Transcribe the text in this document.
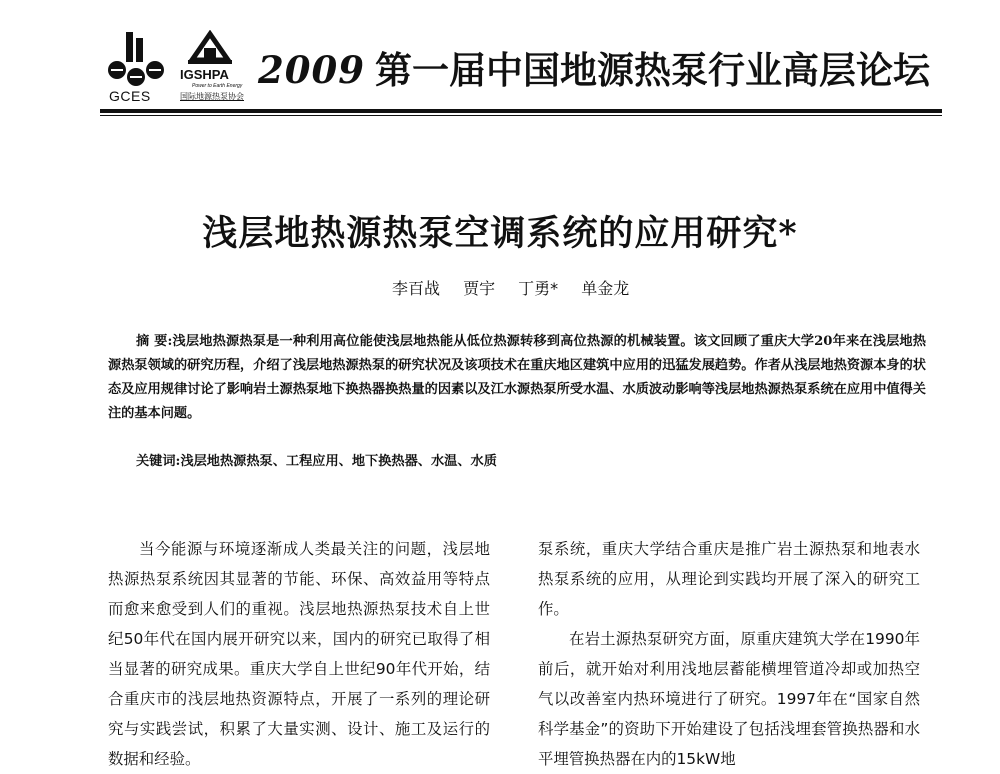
GCES
IGSHPA
Power to Earth Energy
国际地源热泵协会
2009 第一届中国地源热泵行业高层论坛
浅层地热源热泵空调系统的应用研究*
李百战 贾宇 丁勇* 单金龙
摘 要:浅层地热源热泵是一种利用高位能使浅层地热能从低位热源转移到高位热源的机械装置。该文回顾了重庆大学20年来在浅层地热源热泵领域的研究历程，介绍了浅层地热源热泵的研究状况及该项技术在重庆地区建筑中应用的迅猛发展趋势。作者从浅层地热资源本身的状态及应用规律讨论了影响岩土源热泵地下换热器换热量的因素以及江水源热泵所受水温、水质波动影响等浅层地热源热泵系统在应用中值得关注的基本问题。
关键词:浅层地热源热泵、工程应用、地下换热器、水温、水质

当今能源与环境逐渐成人类最关注的问题，浅层地热源热泵系统因其显著的节能、环保、高效益用等特点而愈来愈受到人们的重视。浅层地热源热泵技术自上世纪50年代在国内展开研究以来，国内的研究已取得了相当显著的研究成果。重庆大学自上世纪90年代开始，结合重庆市的浅层地热资源特点，开展了一系列的理论研究与实践尝试，积累了大量实测、设计、施工及运行的数据和经验。

泵系统，重庆大学结合重庆是推广岩土源热泵和地表水热泵系统的应用，从理论到实践均开展了深入的研究工作。

在岩土源热泵研究方面，原重庆建筑大学在1990年前后，就开始对利用浅地层蓄能横埋管道冷却或加热空气以改善室内热环境进行了研究。1997年在“国家自然科学基金”的资助下开始建设了包括浅埋套管换热器和水平埋管换热器在内的15kW地
